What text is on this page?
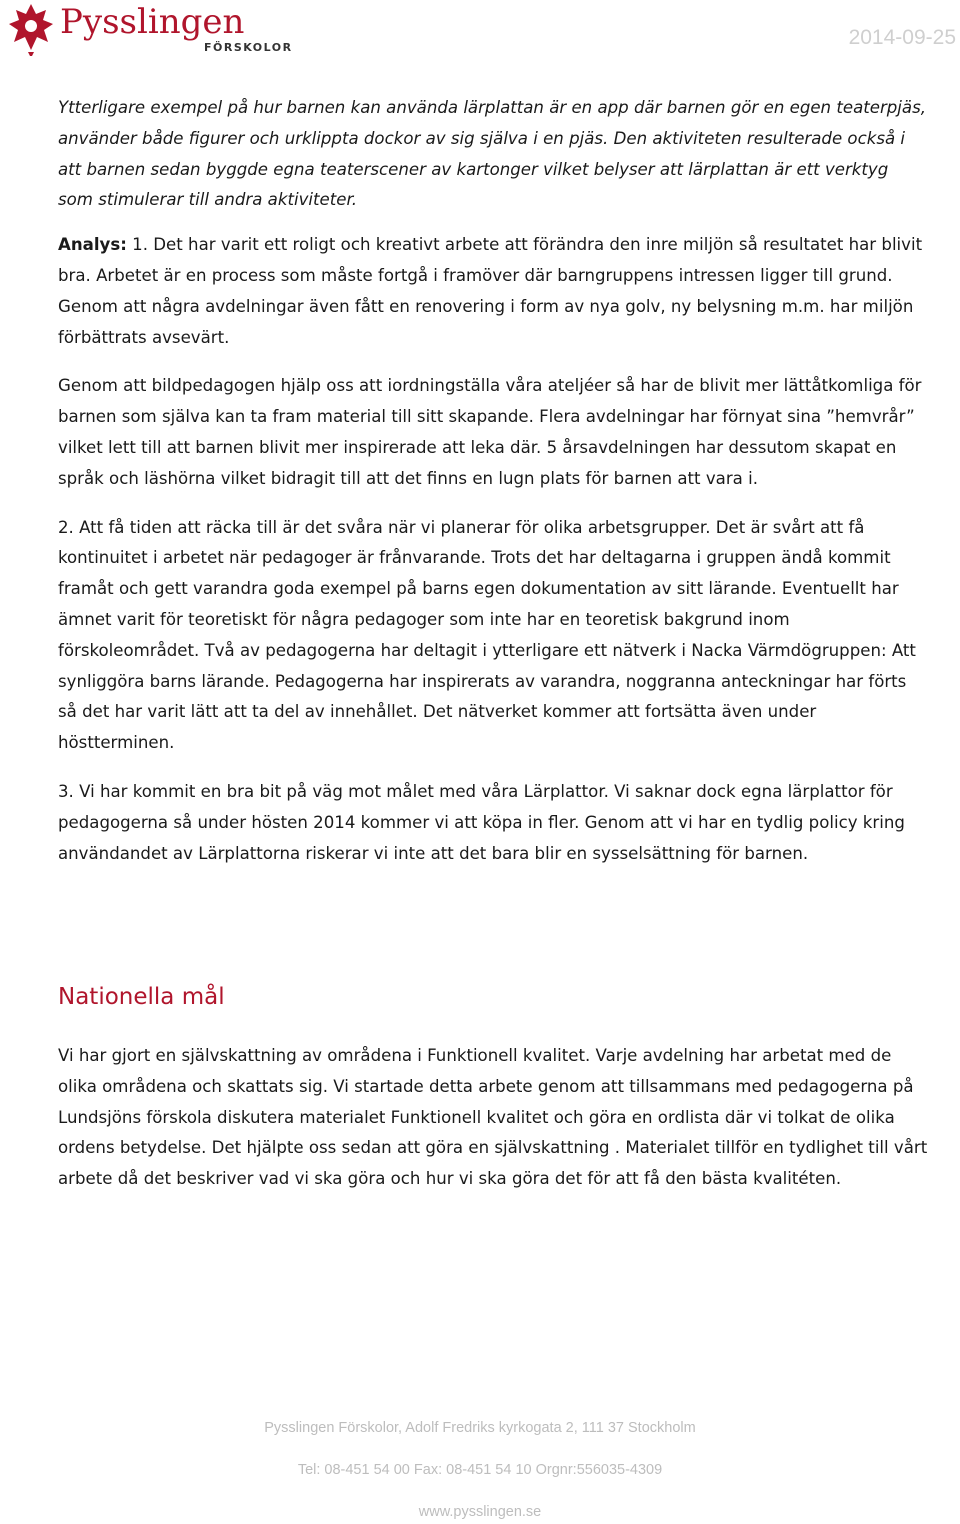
Pysslingen
FÖRSKOLOR	2014-09-25

Ytterligare exempel på hur barnen kan använda lärplattan är en app där barnen gör en egen teaterpjäs, använder både figurer och urklippta dockor av sig själva i en pjäs. Den aktiviteten resulterade också i att barnen sedan byggde egna teaterscener av kartonger vilket belyser att lärplattan är ett verktyg som stimulerar till andra aktiviteter.

Analys: 1. Det har varit ett roligt och kreativt arbete att förändra den inre miljön så resultatet har blivit bra. Arbetet är en process som måste fortgå i framöver där barngruppens intressen ligger till grund. Genom att några avdelningar även fått en renovering i form av nya golv, ny belysning m.m. har miljön förbättrats avsevärt.

Genom att bildpedagogen hjälp oss att iordningställa våra ateljéer så har de blivit mer lättåtkomliga för barnen som själva kan ta fram material till sitt skapande. Flera avdelningar har förnyat sina ”hemvrår” vilket lett till att barnen blivit mer inspirerade att leka där. 5 årsavdelningen har dessutom skapat en språk och läshörna vilket bidragit till att det finns en lugn plats för barnen att vara i.

2. Att få tiden att räcka till är det svåra när vi planerar för olika arbetsgrupper. Det är svårt att få kontinuitet i arbetet när pedagoger är frånvarande. Trots det har deltagarna i gruppen ändå kommit framåt och gett varandra goda exempel på barns egen dokumentation av sitt lärande. Eventuellt har ämnet varit för teoretiskt för några pedagoger som inte har en teoretisk bakgrund inom förskoleområdet. Två av pedagogerna har deltagit i ytterligare ett nätverk i Nacka Värmdögruppen: Att synliggöra barns lärande. Pedagogerna har inspirerats av varandra, noggranna anteckningar har förts så det har varit lätt att ta del av innehållet. Det nätverket kommer att fortsätta även under höstterminen.

3. Vi har kommit en bra bit på väg mot målet med våra Lärplattor. Vi saknar dock egna lärplattor för pedagogerna så under hösten 2014 kommer vi att köpa in fler. Genom att vi har en tydlig policy kring användandet av Lärplattorna riskerar vi inte att det bara blir en sysselsättning för barnen.

Nationella mål

Vi har gjort en självskattning av områdena i Funktionell kvalitet. Varje avdelning har arbetat med de olika områdena och skattats sig. Vi startade detta arbete genom att tillsammans med pedagogerna på Lundsjöns förskola diskutera materialet Funktionell kvalitet och göra en ordlista där vi tolkat de olika ordens betydelse. Det hjälpte oss sedan att göra en självskattning . Materialet tillför en tydlighet till vårt arbete då det beskriver vad vi ska göra och hur vi ska göra det för att få den bästa kvalitéten.

Pysslingen Förskolor, Adolf Fredriks kyrkogata 2, 111 37 Stockholm
Tel: 08-451 54 00 Fax: 08-451 54 10 Orgnr:556035-4309
www.pysslingen.se
